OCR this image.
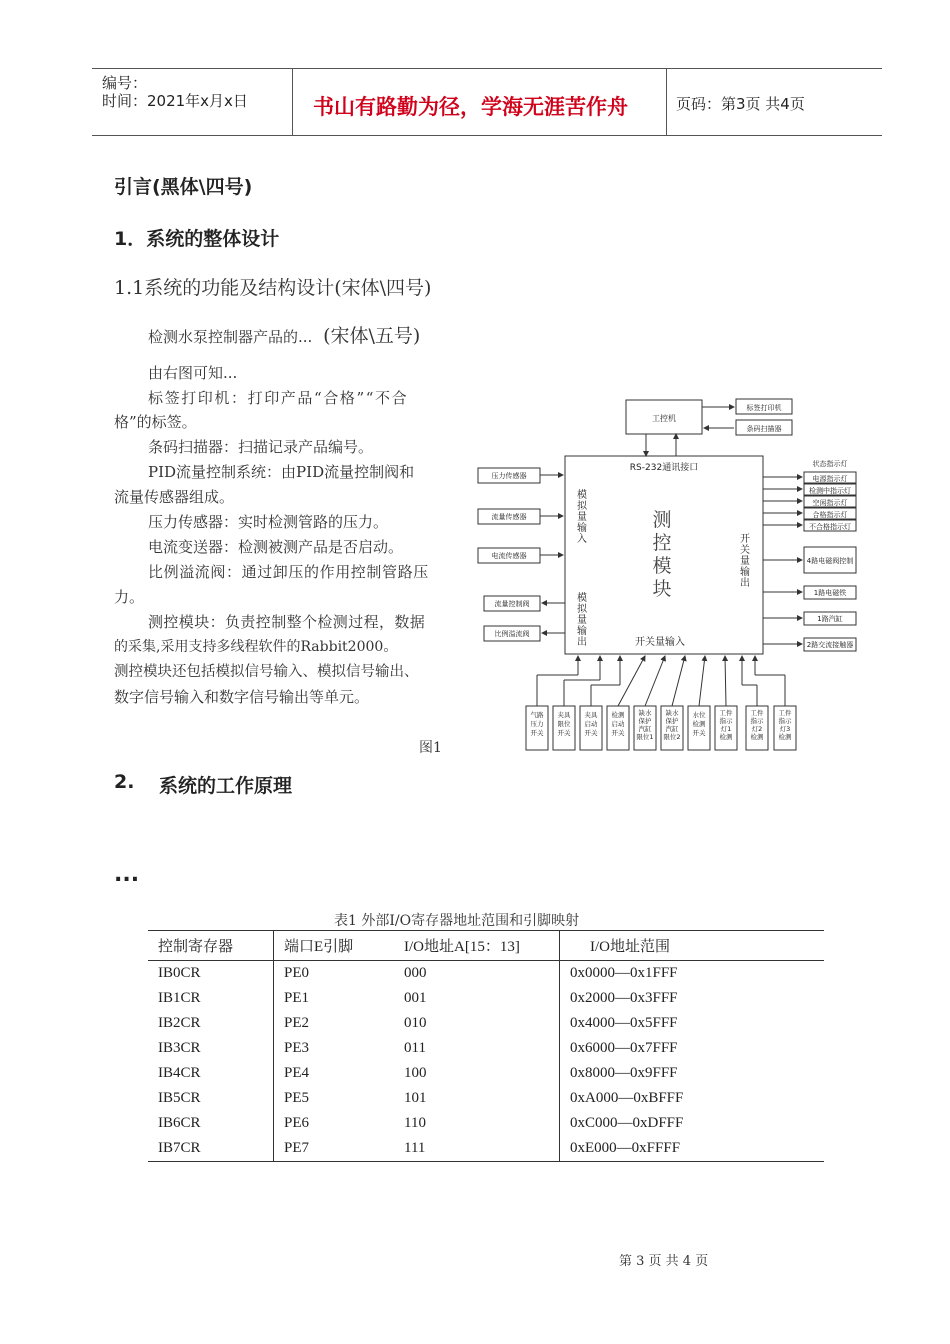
编号：
时间：2021年x月x日	书山有路勤为径，学海无涯苦作舟	页码：第3页 共4页
引言(黑体\四号)
1．系统的整体设计
1.1系统的功能及结构设计(宋体\四号)
检测水泵控制器产品的... (宋体\五号)
由右图可知...
标签打印机：打印产品“合格”“不合
格”的标签。
条码扫描器：扫描记录产品编号。
PID流量控制系统：由PID流量控制阀和
流量传感器组成。
压力传感器：实时检测管路的压力。
电流变送器：检测被测产品是否启动。
比例溢流阀：通过卸压的作用控制管路压
力。
测控模块：负责控制整个检测过程，数据
的采集,采用支持多线程软件的Rabbit2000。
测控模块还包括模拟信号输入、模拟信号输出、
数字信号输入和数字信号输出等单元。
图1
工控机
标签打印机
条码扫描器
RS-232通讯接口	状态指示灯
测
控
模
块
模
拟
量
输
入
模
拟
量
输
出
开
关
量
输
出
开关量输入
压力传感器
流量传感器
电流传感器
流量控制阀
比例溢流阀
电源指示灯
检测中指示灯
空闲指示灯
合格指示灯
不合格指示灯
4路电磁阀控制
1路电磁铁
1路汽缸
2路交流接触器
气路
压力
开关
夹具
限位
开关
夹具
启动
开关
检测
启动
开关
缺水
保护
汽缸
限位1
缺水
保护
汽缸
限位2
水位
检测
开关
工件
指示
灯1
检测
工件
指示
灯2
检测
工件
指示
灯3
检测
2. 系统的工作原理
...
表1 外部I/O寄存器地址范围和引脚映射
控制寄存器	端口E引脚	I/O地址A[15：13]	I/O地址范围
IB0CR	PE0	000	0x0000—0x1FFF
IB1CR	PE1	001	0x2000—0x3FFF
IB2CR	PE2	010	0x4000—0x5FFF
IB3CR	PE3	011	0x6000—0x7FFF
IB4CR	PE4	100	0x8000—0x9FFF
IB5CR	PE5	101	0xA000—0xBFFF
IB6CR	PE6	110	0xC000—0xDFFF
IB7CR	PE7	111	0xE000—0xFFFF
第 3 页 共 4 页
